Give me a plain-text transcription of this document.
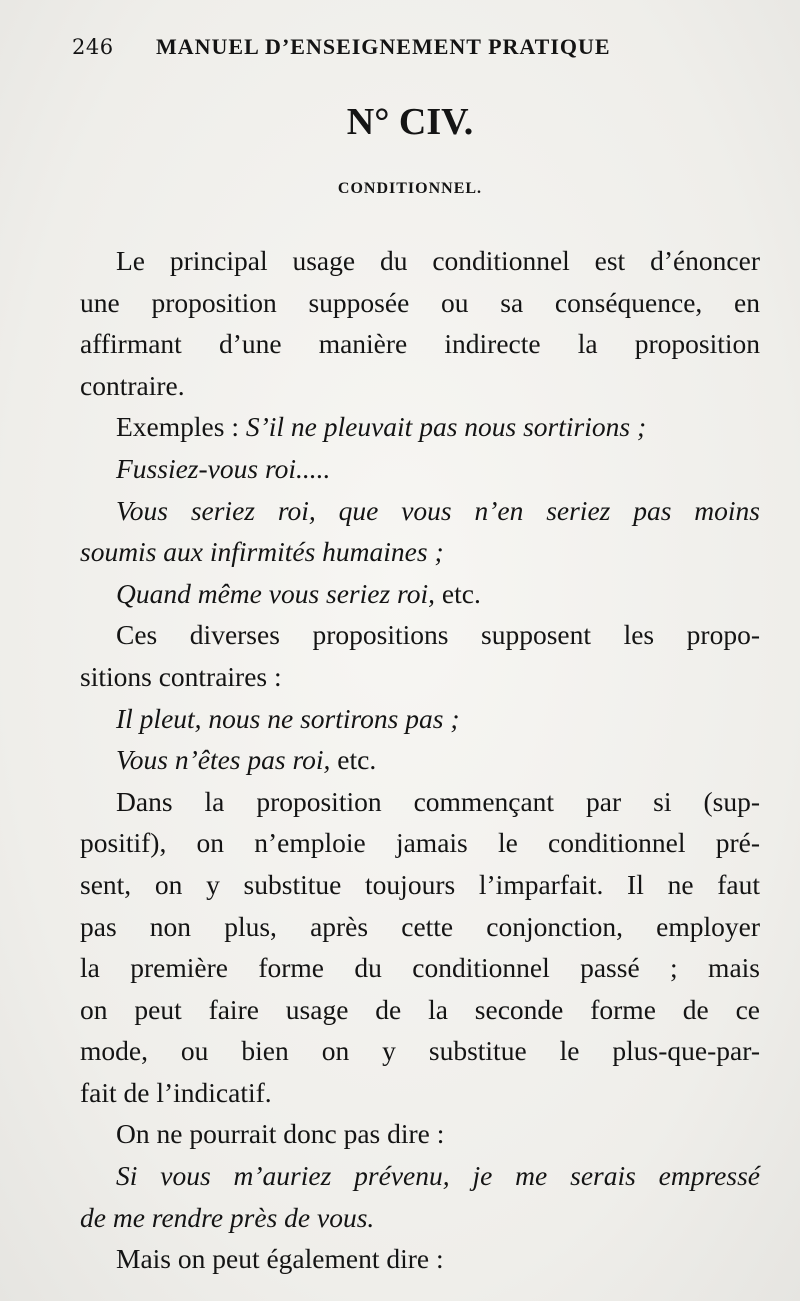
246 MANUEL D’ENSEIGNEMENT PRATIQUE
N° CIV.
CONDITIONNEL.
Le principal usage du conditionnel est d’énoncer
une proposition supposée ou sa conséquence, en
affirmant d’une manière indirecte la proposition
contraire.
Exemples : S’il ne pleuvait pas nous sortirions ;
Fussiez-vous roi.....
Vous seriez roi, que vous n’en seriez pas moins
soumis aux infirmités humaines ;
Quand même vous seriez roi, etc.
Ces diverses propositions supposent les propo-
sitions contraires :
Il pleut, nous ne sortirons pas ;
Vous n’êtes pas roi, etc.
Dans la proposition commençant par si (sup-
positif), on n’emploie jamais le conditionnel pré-
sent, on y substitue toujours l’imparfait. Il ne faut
pas non plus, après cette conjonction, employer
la première forme du conditionnel passé ; mais
on peut faire usage de la seconde forme de ce
mode, ou bien on y substitue le plus-que-par-
fait de l’indicatif.
On ne pourrait donc pas dire :
Si vous m’auriez prévenu, je me serais empressé
de me rendre près de vous.
Mais on peut également dire :
